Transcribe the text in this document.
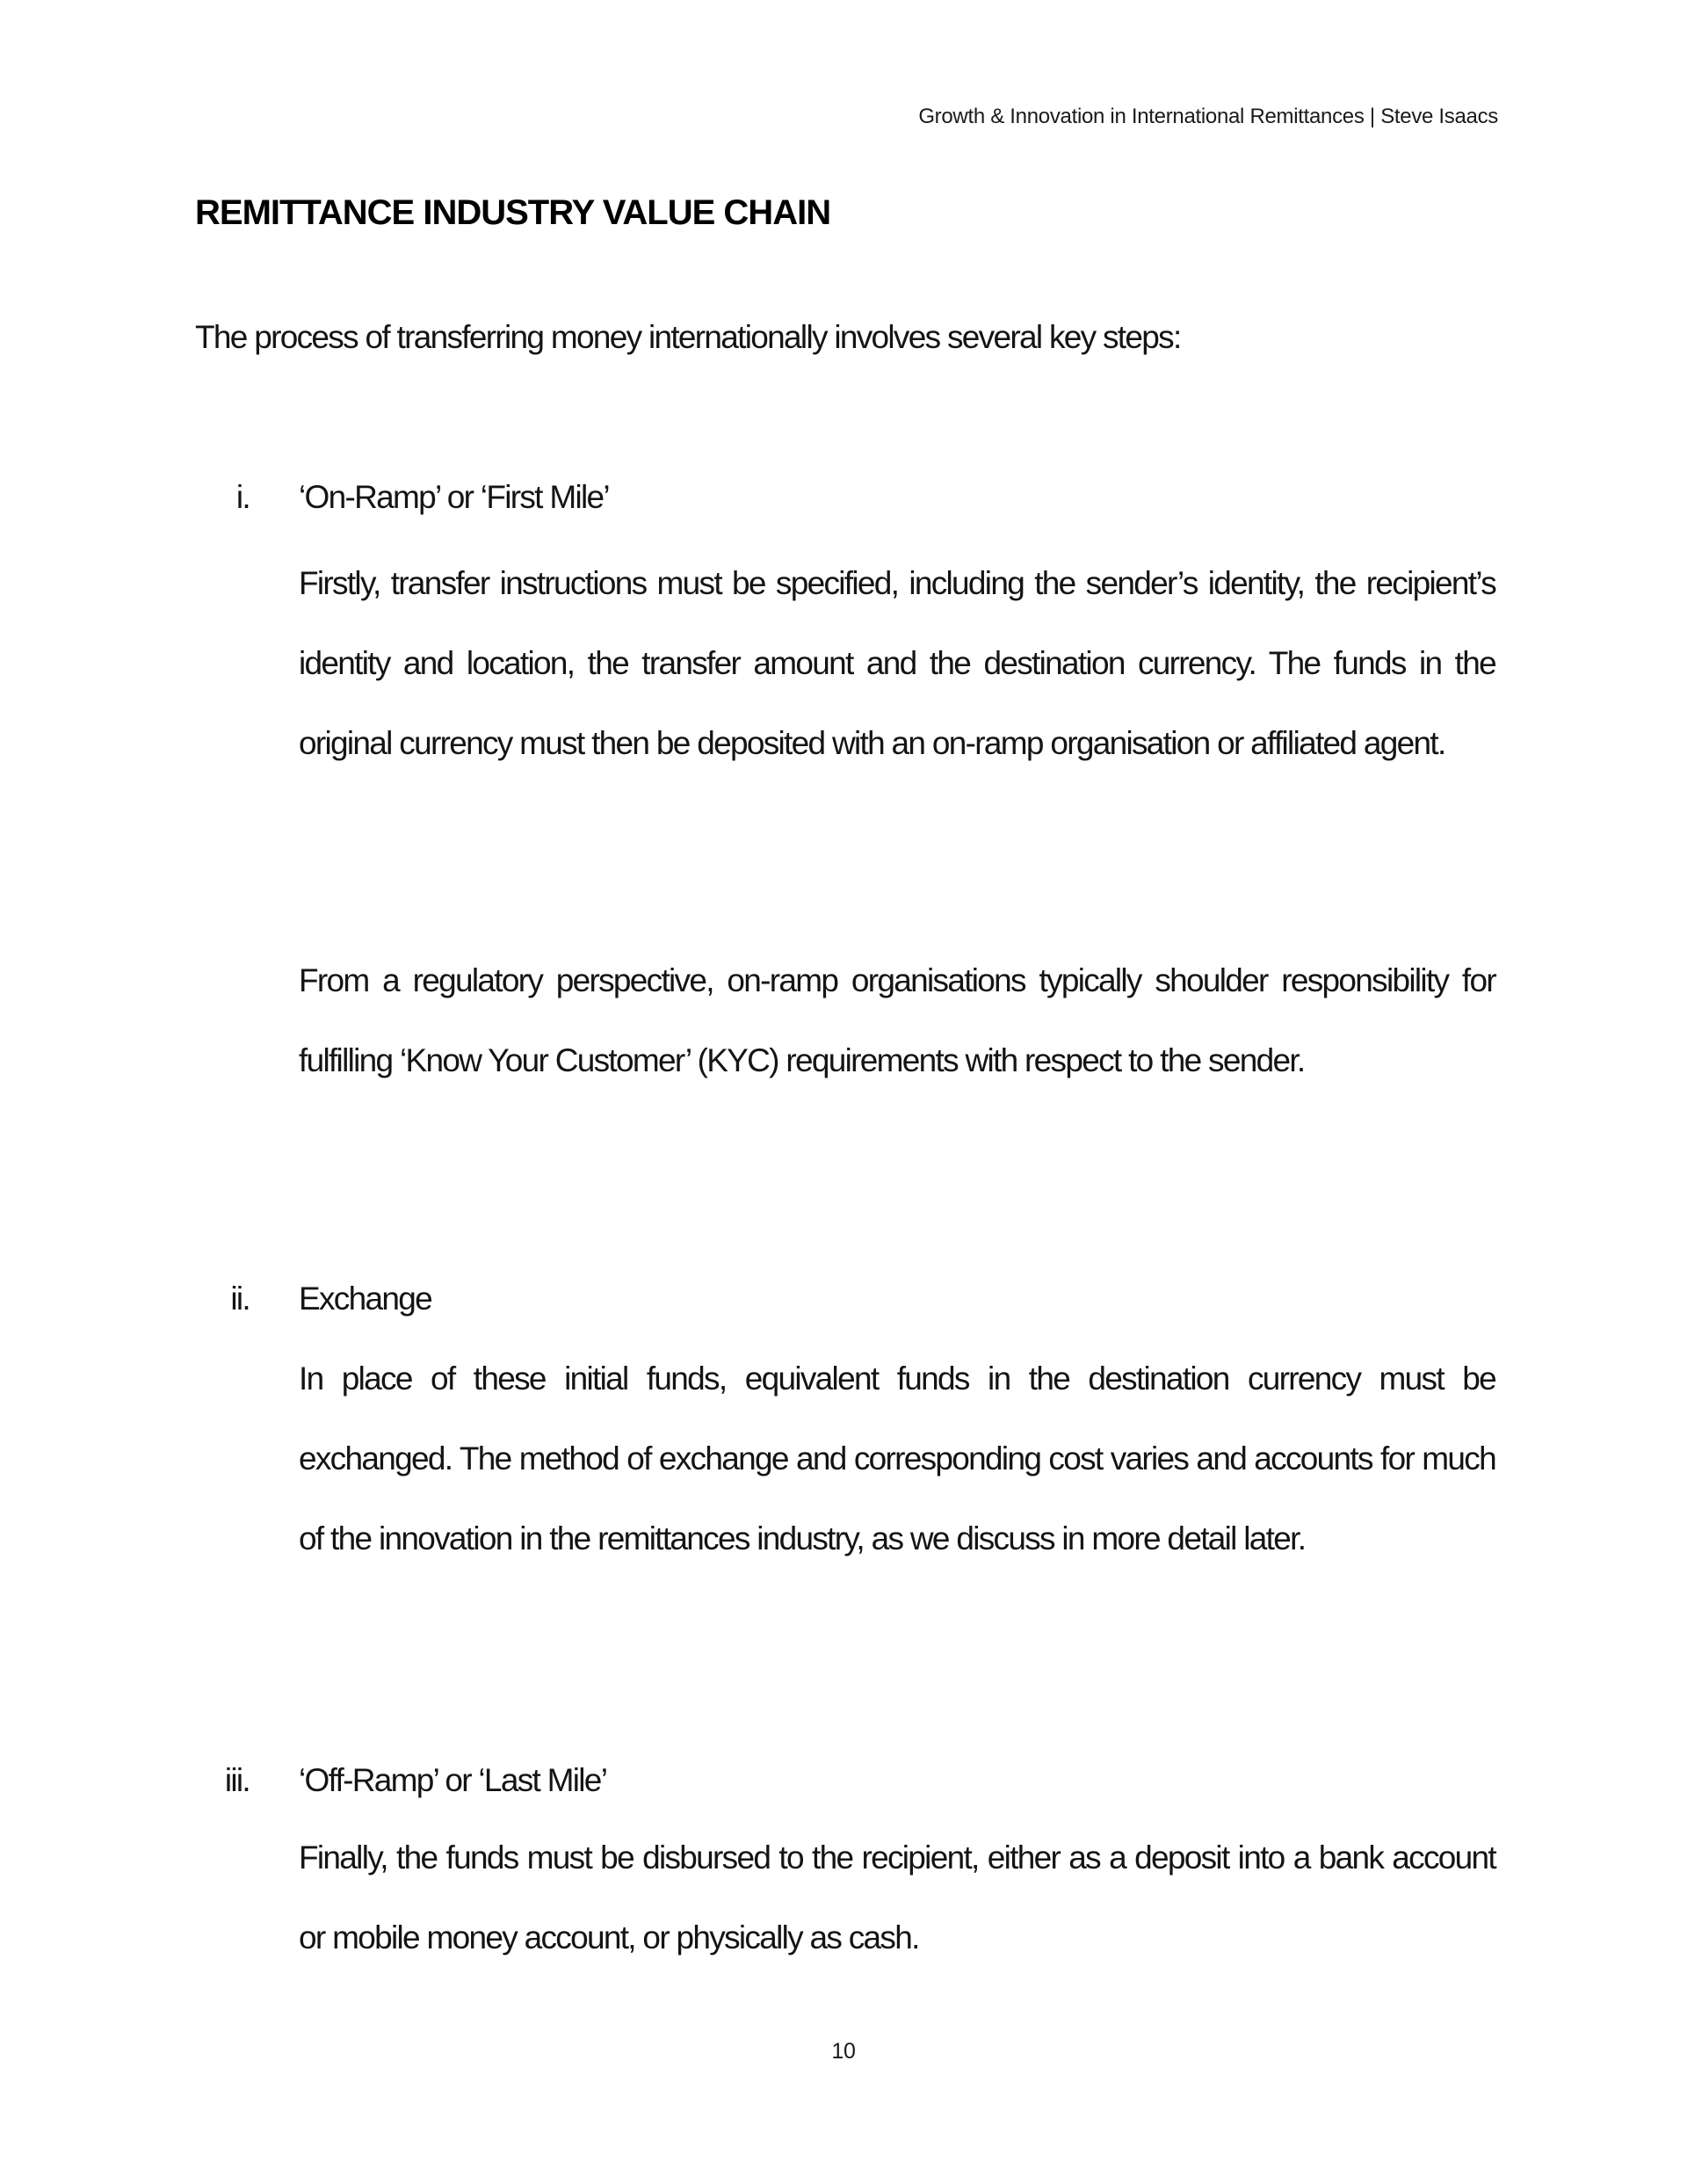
Growth & Innovation in International Remittances | Steve Isaacs
REMITTANCE INDUSTRY VALUE CHAIN
The process of transferring money internationally involves several key steps:
i. ‘On-Ramp’ or ‘First Mile’
Firstly, transfer instructions must be specified, including the sender’s identity, the recipient’s identity and location, the transfer amount and the destination currency. The funds in the original currency must then be deposited with an on-ramp organisation or affiliated agent.
From a regulatory perspective, on-ramp organisations typically shoulder responsibility for fulfilling ‘Know Your Customer’ (KYC) requirements with respect to the sender.
ii. Exchange
In place of these initial funds, equivalent funds in the destination currency must be exchanged. The method of exchange and corresponding cost varies and accounts for much of the innovation in the remittances industry, as we discuss in more detail later.
iii. ‘Off-Ramp’ or ‘Last Mile’
Finally, the funds must be disbursed to the recipient, either as a deposit into a bank account or mobile money account, or physically as cash.
10
